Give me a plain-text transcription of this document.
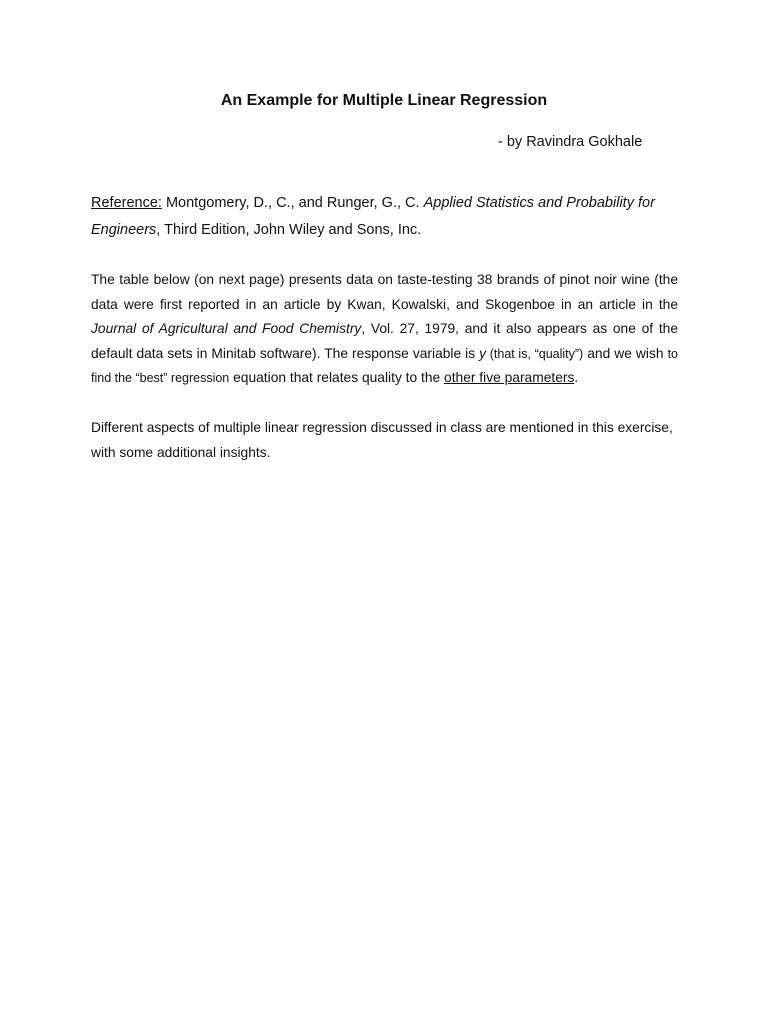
An Example for Multiple Linear Regression

- by Ravindra Gokhale

Reference: Montgomery, D., C., and Runger, G., C. Applied Statistics and Probability for Engineers, Third Edition, John Wiley and Sons, Inc.

The table below (on next page) presents data on taste-testing 38 brands of pinot noir wine (the data were first reported in an article by Kwan, Kowalski, and Skogenboe in an article in the Journal of Agricultural and Food Chemistry, Vol. 27, 1979, and it also appears as one of the default data sets in Minitab software). The response variable is y (that is, “quality”) and we wish to find the “best” regression equation that relates quality to the other five parameters.

Different aspects of multiple linear regression discussed in class are mentioned in this exercise, with some additional insights.
